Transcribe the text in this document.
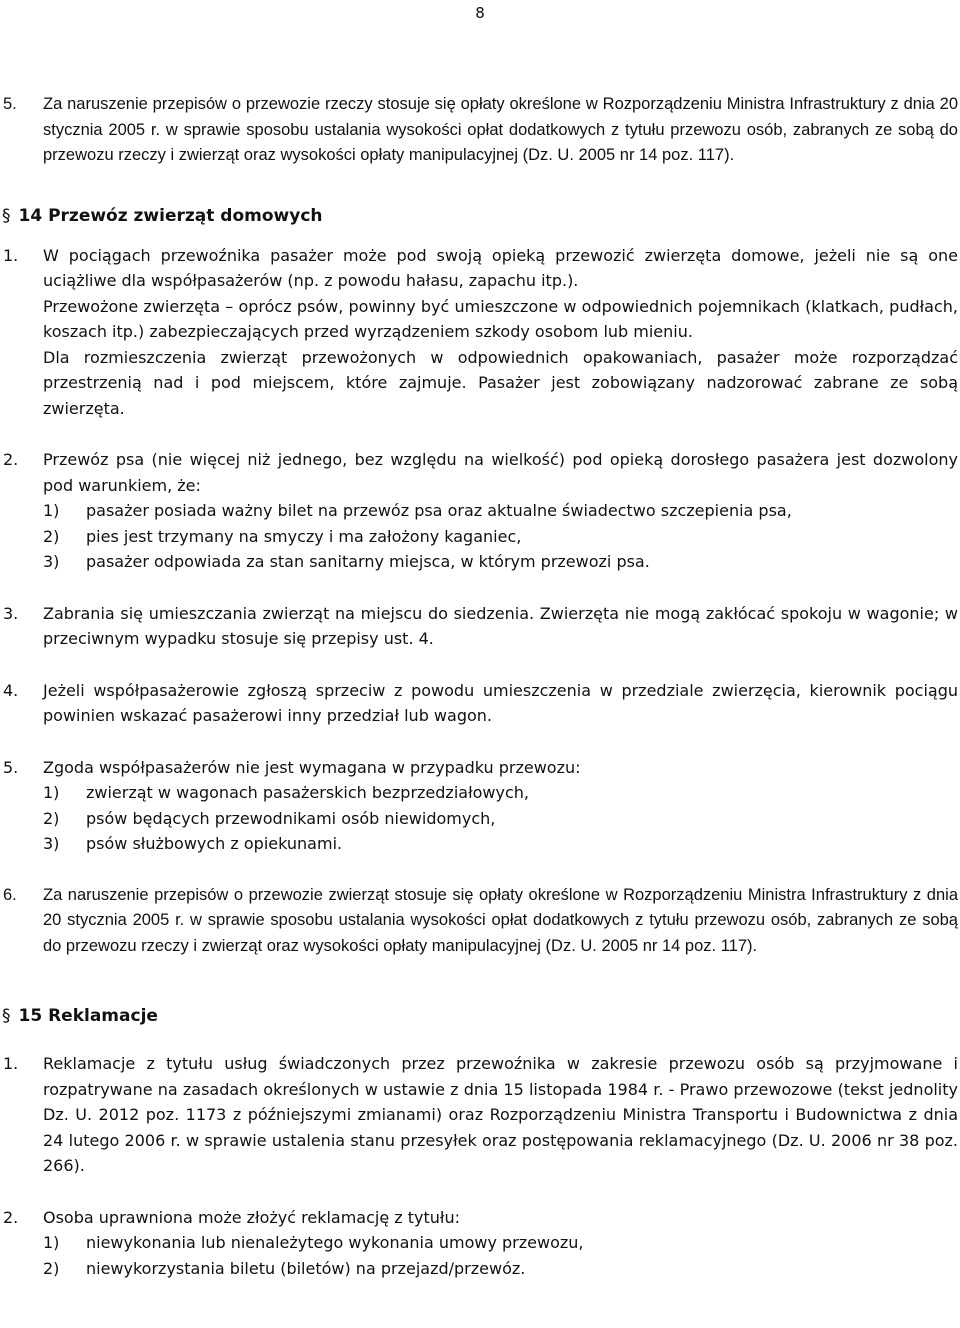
8
5.	Za naruszenie przepisów o przewozie rzeczy stosuje się opłaty określone w Rozporządzeniu Ministra Infrastruktury z dnia 20 stycznia 2005 r. w sprawie sposobu ustalania wysokości opłat dodatkowych z tytułu przewozu osób, zabranych ze sobą do przewozu rzeczy i zwierząt oraz wysokości opłaty manipulacyjnej (Dz. U. 2005 nr 14 poz. 117).
§ 14 Przewóz zwierząt domowych
1.	W pociągach przewoźnika pasażer może pod swoją opieką przewozić zwierzęta domowe, jeżeli nie są one uciążliwe dla współpasażerów (np. z powodu hałasu, zapachu itp.).
Przewożone zwierzęta – oprócz psów, powinny być umieszczone w odpowiednich pojemnikach (klatkach, pudłach, koszach itp.) zabezpieczających przed wyrządzeniem szkody osobom lub mieniu.
Dla rozmieszczenia zwierząt przewożonych w odpowiednich opakowaniach, pasażer może rozporządzać przestrzenią nad i pod miejscem, które zajmuje. Pasażer jest zobowiązany nadzorować zabrane ze sobą zwierzęta.
2.	Przewóz psa (nie więcej niż jednego, bez względu na wielkość) pod opieką dorosłego pasażera jest dozwolony pod warunkiem, że:
1)	pasażer posiada ważny bilet na przewóz psa oraz aktualne świadectwo szczepienia psa,
2)	pies jest trzymany na smyczy i ma założony kaganiec,
3)	pasażer odpowiada za stan sanitarny miejsca, w którym przewozi psa.
3.	Zabrania się umieszczania zwierząt na miejscu do siedzenia. Zwierzęta nie mogą zakłócać spokoju w wagonie; w przeciwnym wypadku stosuje się przepisy ust. 4.
4.	Jeżeli współpasażerowie zgłoszą sprzeciw z powodu umieszczenia w przedziale zwierzęcia, kierownik pociągu powinien wskazać pasażerowi inny przedział lub wagon.
5.	Zgoda współpasażerów nie jest wymagana w przypadku przewozu:
1)	zwierząt w wagonach pasażerskich bezprzedziałowych,
2)	psów będących przewodnikami osób niewidomych,
3)	psów służbowych z opiekunami.
6.	Za naruszenie przepisów o przewozie zwierząt stosuje się opłaty określone w Rozporządzeniu Ministra Infrastruktury z dnia 20 stycznia 2005 r. w sprawie sposobu ustalania wysokości opłat dodatkowych z tytułu przewozu osób, zabranych ze sobą do przewozu rzeczy i zwierząt oraz wysokości opłaty manipulacyjnej (Dz. U. 2005 nr 14 poz. 117).
§ 15 Reklamacje
1.	Reklamacje z tytułu usług świadczonych przez przewoźnika w zakresie przewozu osób są przyjmowane i rozpatrywane na zasadach określonych w ustawie z dnia 15 listopada 1984 r. - Prawo przewozowe (tekst jednolity Dz. U. 2012 poz. 1173 z późniejszymi zmianami) oraz Rozporządzeniu Ministra Transportu i Budownictwa z dnia 24 lutego 2006 r. w sprawie ustalenia stanu przesyłek oraz postępowania reklamacyjnego (Dz. U. 2006 nr 38 poz. 266).
2.	Osoba uprawniona może złożyć reklamację z tytułu:
1)	niewykonania lub nienależytego wykonania umowy przewozu,
2)	niewykorzystania biletu (biletów) na przejazd/przewóz.
